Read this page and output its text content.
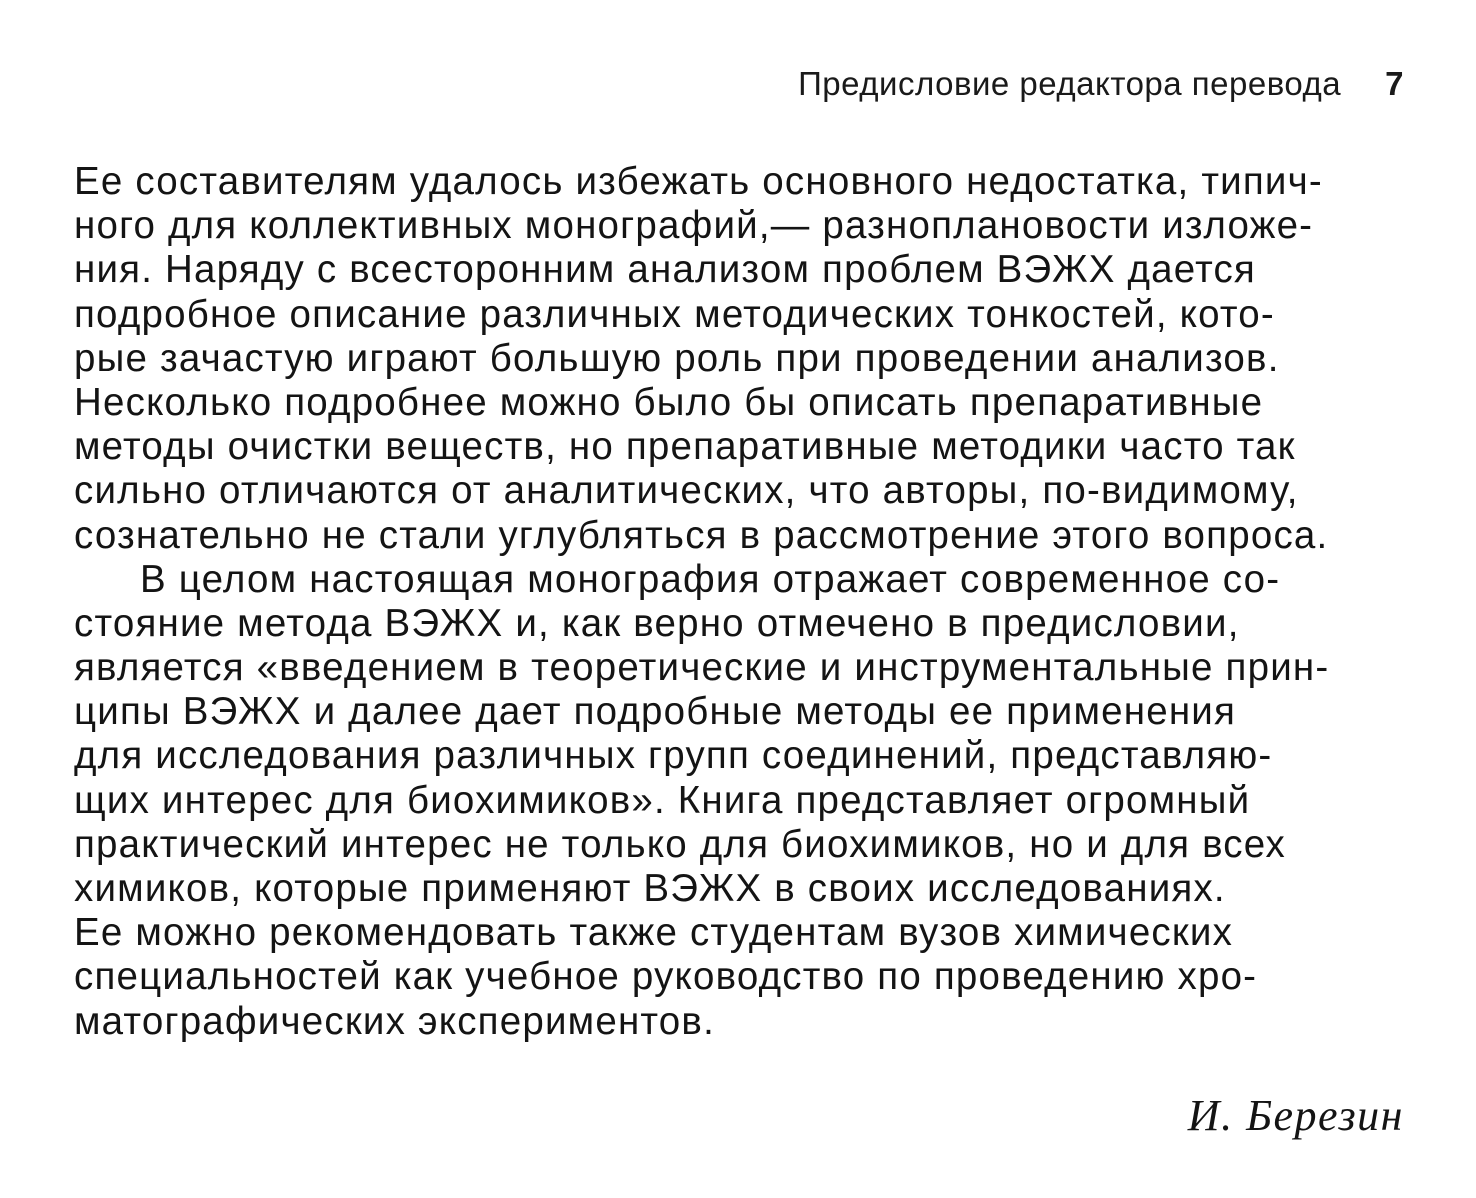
Предисловие редактора перевода 7
Ее составителям удалось избежать основного недостатка, типич-
ного для коллективных монографий,— разноплановости изложе-
ния. Наряду с всесторонним анализом проблем ВЭЖХ дается
подробное описание различных методических тонкостей, кото-
рые зачастую играют большую роль при проведении анализов.
Несколько подробнее можно было бы описать препаративные
методы очистки веществ, но препаративные методики часто так
сильно отличаются от аналитических, что авторы, по-видимому,
сознательно не стали углубляться в рассмотрение этого вопроса.
В целом настоящая монография отражает современное со-
стояние метода ВЭЖХ и, как верно отмечено в предисловии,
является «введением в теоретические и инструментальные прин-
ципы ВЭЖХ и далее дает подробные методы ее применения
для исследования различных групп соединений, представляю-
щих интерес для биохимиков». Книга представляет огромный
практический интерес не только для биохимиков, но и для всех
химиков, которые применяют ВЭЖХ в своих исследованиях.
Ее можно рекомендовать также студентам вузов химических
специальностей как учебное руководство по проведению хро-
матографических экспериментов.
И. Березин
